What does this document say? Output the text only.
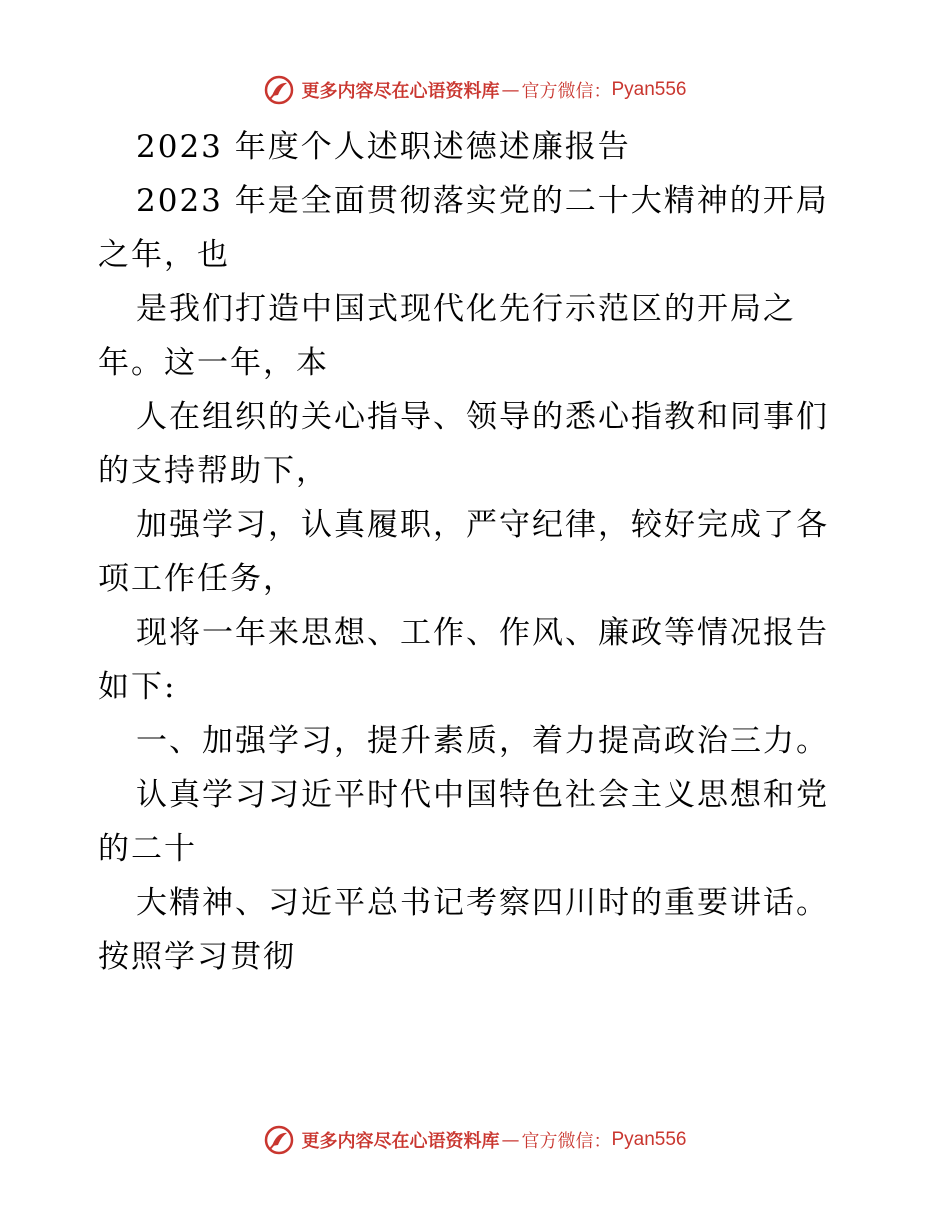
更多内容尽在心语资料库 — 官方微信： Pyan556
2023 年度个人述职述德述廉报告
2023 年是全面贯彻落实党的二十大精神的开局
之年，也
是我们打造中国式现代化先行示范区的开局之
年。这一年，本
人在组织的关心指导、领导的悉心指教和同事们
的支持帮助下，
加强学习，认真履职，严守纪律，较好完成了各
项工作任务，
现将一年来思想、工作、作风、廉政等情况报告
如下:
一、加强学习，提升素质，着力提高政治三力。
认真学习习近平时代中国特色社会主义思想和党
的二十
大精神、习近平总书记考察四川时的重要讲话。
按照学习贯彻
更多内容尽在心语资料库 — 官方微信： Pyan556
